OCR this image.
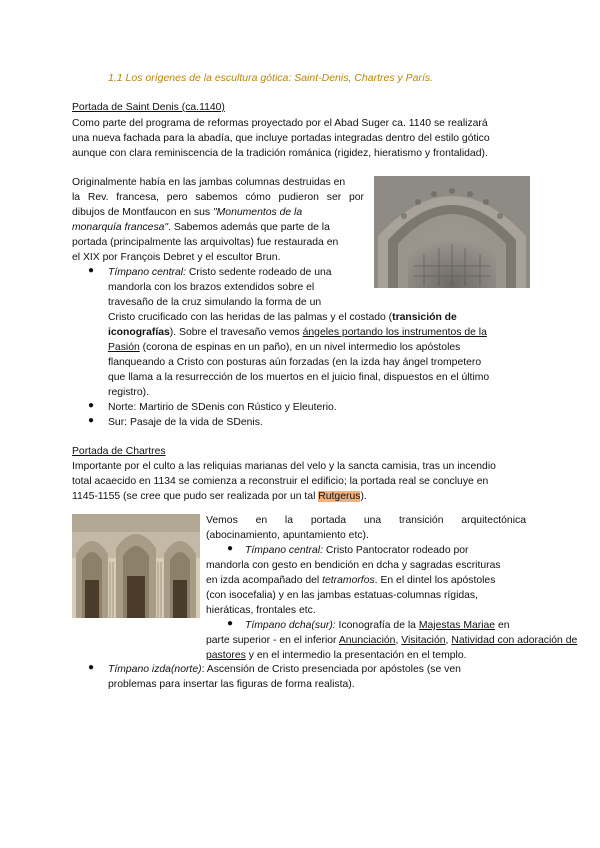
1.1 Los orígenes de la escultura gótica: Saint-Denis, Chartres y París.
Portada de Saint Denis (ca.1140)
Como parte del programa de reformas proyectado por el Abad Suger ca. 1140 se realizará
una nueva fachada para la abadía, que incluye portadas integradas dentro del estilo gótico
aunque con clara reminiscencia de la tradición románica (rigidez, hieratismo y frontalidad).
Originalmente había en las jambas columnas destruidas en
la Rev. francesa, pero sabemos cómo pudieron ser por
dibujos de Montfaucon en sus "Monumentos de la
monarquía francesa". Sabemos además que parte de la
portada (principalmente las arquivoltas) fue restaurada en
el XIX por François Debret y el escultor Brun.
● Tímpano central: Cristo sedente rodeado de una
mandorla con los brazos extendidos sobre el
travesaño de la cruz simulando la forma de un
Cristo crucificado con las heridas de las palmas y el costado (transición de
iconografías). Sobre el travesaño vemos ángeles portando los instrumentos de la
Pasión (corona de espinas en un paño), en un nivel intermedio los apóstoles
flanqueando a Cristo con posturas aún forzadas (en la izda hay ángel trompetero
que llama a la resurrección de los muertos en el juicio final, dispuestos en el último
registro).
● Norte: Martirio de SDenis con Rústico y Eleuterio.
● Sur: Pasaje de la vida de SDenis.
Portada de Chartres
Importante por el culto a las reliquias marianas del velo y la sancta camisia, tras un incendio
total acaecido en 1134 se comienza a reconstruir el edificio; la portada real se concluye en
1145-1155 (se cree que pudo ser realizada por un tal Rutgerus).
Vemos en la portada una transición arquitectónica
(abocinamiento, apuntamiento etc).
● Tímpano central: Cristo Pantocrator rodeado por
mandorla con gesto en bendición en dcha y sagradas escrituras
en izda acompañado del tetramorfos. En el dintel los apóstoles
(con isocefalia) y en las jambas estatuas-columnas rígidas,
hieráticas, frontales etc.
● Tímpano dcha(sur): Iconografía de la Majestas Mariae en
parte superior - en el inferior Anunciación, Visitación, Natividad con adoración de
pastores y en el intermedio la presentación en el templo.
● Tímpano izda(norte): Ascensión de Cristo presenciada por apóstoles (se ven
problemas para insertar las figuras de forma realista).
